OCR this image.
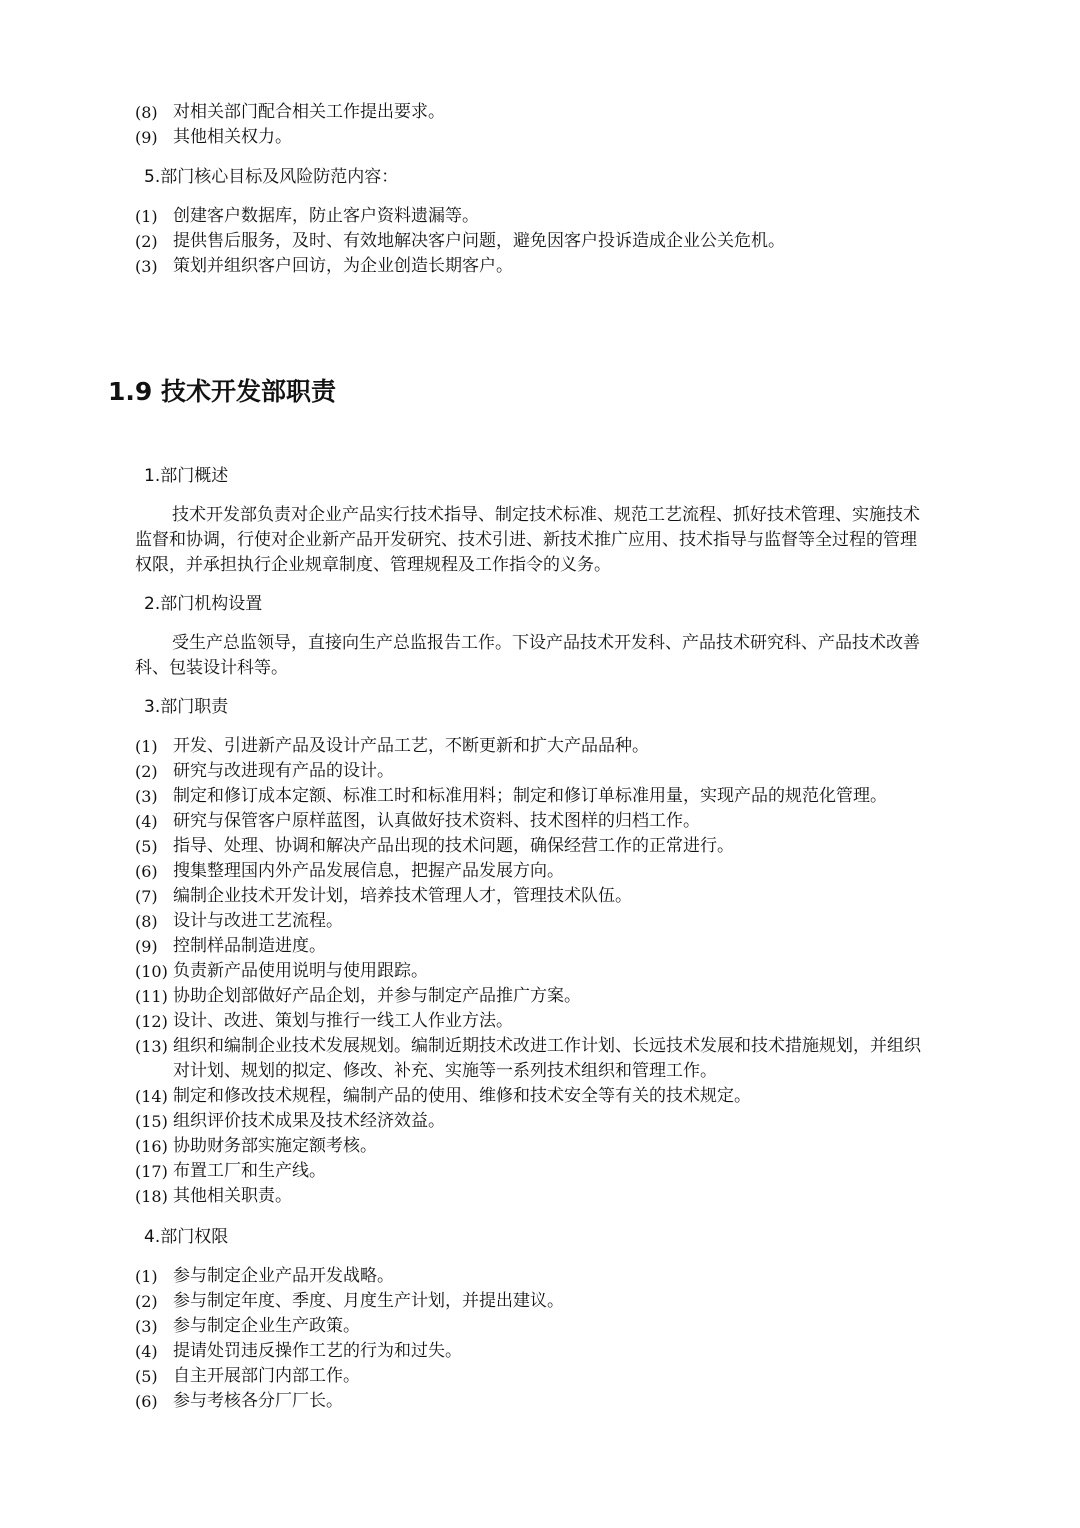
(8) 对相关部门配合相关工作提出要求。
(9) 其他相关权力。
5.部门核心目标及风险防范内容：
(1) 创建客户数据库，防止客户资料遗漏等。
(2) 提供售后服务，及时、有效地解决客户问题，避免因客户投诉造成企业公关危机。
(3) 策划并组织客户回访，为企业创造长期客户。
1.9 技术开发部职责
1.部门概述
技术开发部负责对企业产品实行技术指导、制定技术标准、规范工艺流程、抓好技术管理、实施技术
监督和协调，行使对企业新产品开发研究、技术引进、新技术推广应用、技术指导与监督等全过程的管理
权限，并承担执行企业规章制度、管理规程及工作指令的义务。
2.部门机构设置
受生产总监领导，直接向生产总监报告工作。下设产品技术开发科、产品技术研究科、产品技术改善
科、包装设计科等。
3.部门职责
(1) 开发、引进新产品及设计产品工艺，不断更新和扩大产品品种。
(2) 研究与改进现有产品的设计。
(3) 制定和修订成本定额、标准工时和标准用料；制定和修订单标准用量，实现产品的规范化管理。
(4) 研究与保管客户原样蓝图，认真做好技术资料、技术图样的归档工作。
(5) 指导、处理、协调和解决产品出现的技术问题，确保经营工作的正常进行。
(6) 搜集整理国内外产品发展信息，把握产品发展方向。
(7) 编制企业技术开发计划，培养技术管理人才，管理技术队伍。
(8) 设计与改进工艺流程。
(9) 控制样品制造进度。
(10) 负责新产品使用说明与使用跟踪。
(11) 协助企划部做好产品企划，并参与制定产品推广方案。
(12) 设计、改进、策划与推行一线工人作业方法。
(13) 组织和编制企业技术发展规划。编制近期技术改进工作计划、长远技术发展和技术措施规划，并组织
对计划、规划的拟定、修改、补充、实施等一系列技术组织和管理工作。
(14) 制定和修改技术规程，编制产品的使用、维修和技术安全等有关的技术规定。
(15) 组织评价技术成果及技术经济效益。
(16) 协助财务部实施定额考核。
(17) 布置工厂和生产线。
(18) 其他相关职责。
4.部门权限
(1) 参与制定企业产品开发战略。
(2) 参与制定年度、季度、月度生产计划，并提出建议。
(3) 参与制定企业生产政策。
(4) 提请处罚违反操作工艺的行为和过失。
(5) 自主开展部门内部工作。
(6) 参与考核各分厂厂长。
